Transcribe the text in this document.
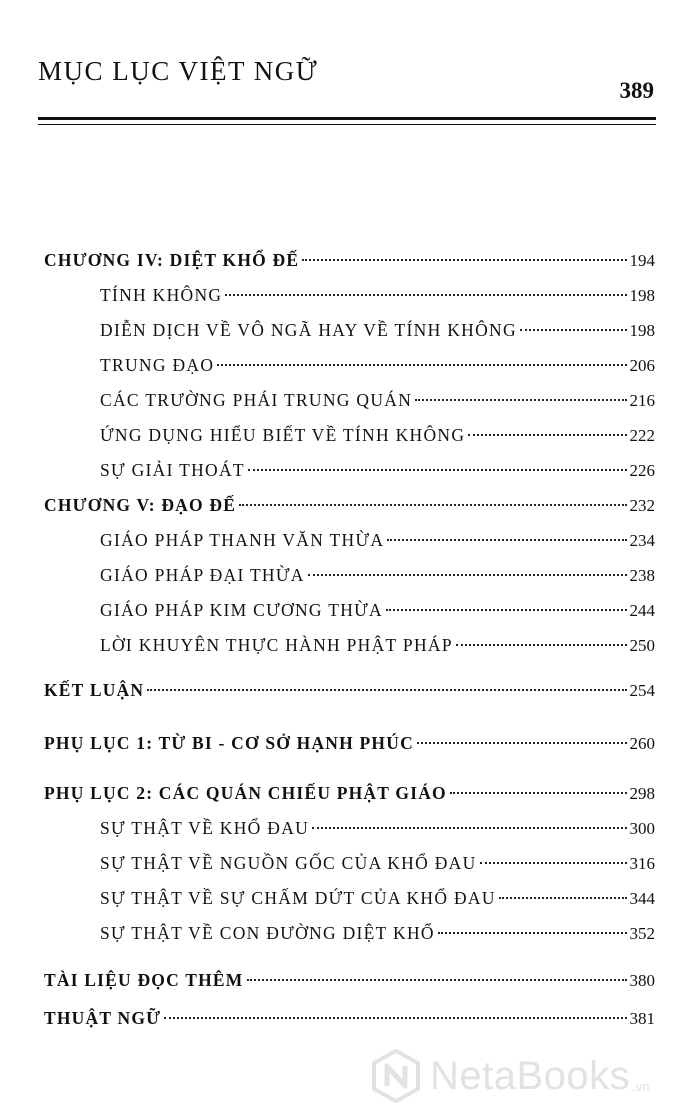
MỤC LỤC VIỆT NGỮ
389
CHƯƠNG IV: DIỆT KHỔ ĐẾ	194
TÍNH KHÔNG	198
DIỄN DỊCH VỀ VÔ NGÃ HAY VỀ TÍNH KHÔNG	198
TRUNG ĐẠO	206
CÁC TRƯỜNG PHÁI TRUNG QUÁN	216
ỨNG DỤNG HIỂU BIẾT VỀ TÍNH KHÔNG	222
SỰ GIẢI THOÁT	226
CHƯƠNG V: ĐẠO ĐẾ	232
GIÁO PHÁP THANH VĂN THỪA	234
GIÁO PHÁP ĐẠI THỪA	238
GIÁO PHÁP KIM CƯƠNG THỪA	244
LỜI KHUYÊN THỰC HÀNH PHẬT PHÁP	250
KẾT LUẬN	254
PHỤ LỤC 1: TỪ BI - CƠ SỞ HẠNH PHÚC	260
PHỤ LỤC 2: CÁC QUÁN CHIẾU PHẬT GIÁO	298
SỰ THẬT VỀ KHỔ ĐAU	300
SỰ THẬT VỀ NGUỒN GỐC CỦA KHỔ ĐAU	316
SỰ THẬT VỀ SỰ CHẤM DỨT CỦA KHỔ ĐAU	344
SỰ THẬT VỀ CON ĐƯỜNG DIỆT KHỔ	352
TÀI LIỆU ĐỌC THÊM	380
THUẬT NGỮ	381
NetaBooks .vn
